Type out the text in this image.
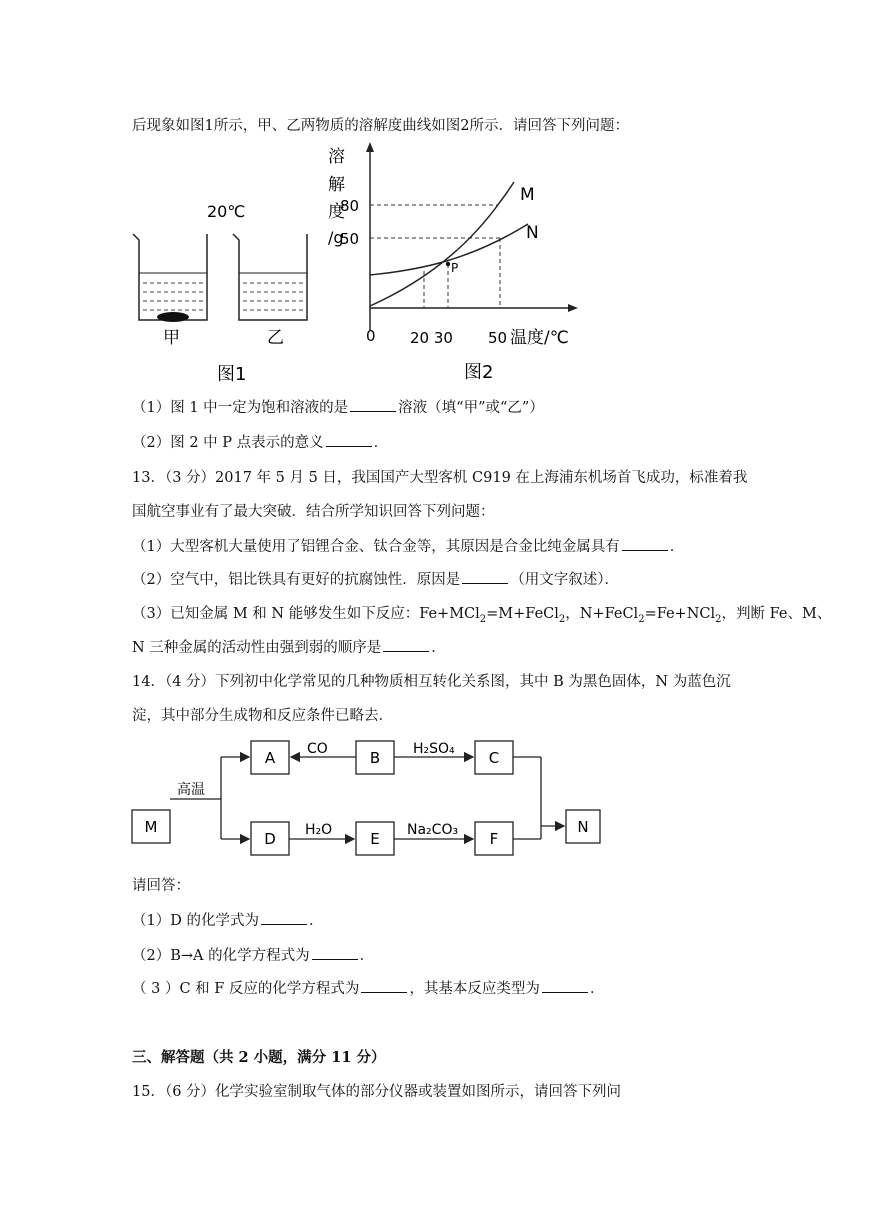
后现象如图1所示，甲、乙两物质的溶解度曲线如图2所示．请回答下列问题：
20℃
甲	乙
图1
溶
解
度
/g
80
50
0 20 30 50 温度/℃
M
N
P
图2
（1）图 1 中一定为饱和溶液的是	溶液（填“甲”或“乙”）
（2）图 2 中 P 点表示的意义	．
13．（3 分）2017 年 5 月 5 日，我国国产大型客机 C919 在上海浦东机场首飞成功，标准着我
国航空事业有了最大突破．结合所学知识回答下列问题：
（1）大型客机大量使用了铝锂合金、钛合金等，其原因是合金比纯金属具有	．
（2）空气中，铝比铁具有更好的抗腐蚀性．原因是	（用文字叙述）．
（3）已知金属 M 和 N 能够发生如下反应：Fe+MCl$_2$=M+FeCl$_2$，N+FeCl$_2$=Fe+NCl$_2$，判断 Fe、M、
N 三种金属的活动性由强到弱的顺序是	．
14．（4 分）下列初中化学常见的几种物质相互转化关系图，其中 B 为黑色固体，N 为蓝色沉
淀，其中部分生成物和反应条件已略去．
M
A	B	C
D	E	F
N
高温
CO	H₂SO₄
H₂O	Na₂CO₃
请回答：
（1）D 的化学式为	．
（2）B→A 的化学方程式为	．
（ 3 ）C 和 F 反应的化学方程式为	，其基本反应类型为	．
三、解答题（共 2 小题，满分 11 分）
15．（6 分）化学实验室制取气体的部分仪器或装置如图所示，请回答下列问
